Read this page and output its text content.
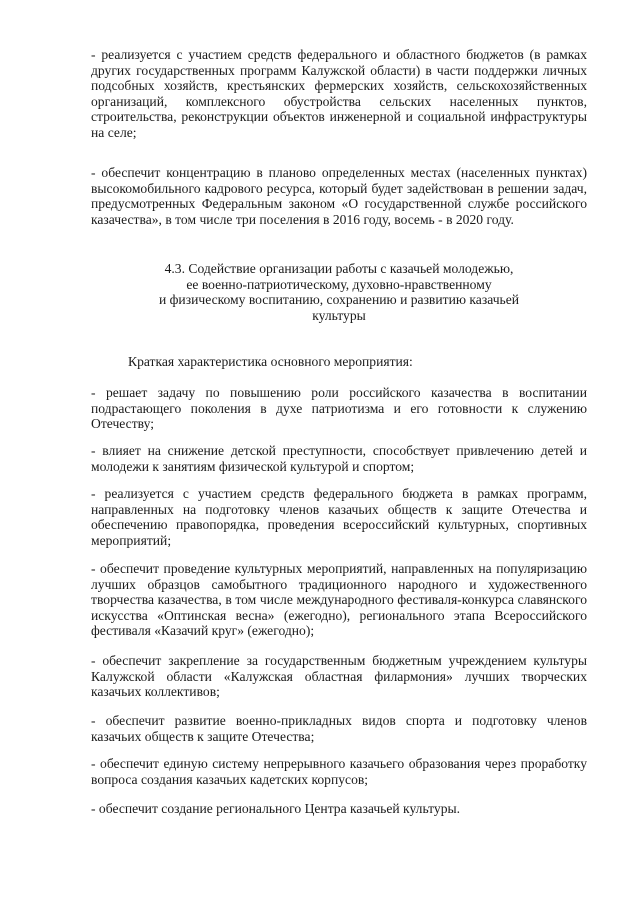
- реализуется с участием средств федерального и областного бюджетов (в рамках других государственных программ Калужской области) в части поддержки личных подсобных хозяйств, крестьянских фермерских хозяйств, сельскохозяйственных организаций, комплексного обустройства сельских населенных пунктов, строительства, реконструкции объектов инженерной и социальной инфраструктуры на селе;

- обеспечит концентрацию в планово определенных местах (населенных пунктах) высокомобильного кадрового ресурса, который будет задействован в решении задач, предусмотренных Федеральным законом «О государственной службе российского казачества», в том числе три поселения в 2016 году, восемь - в 2020 году.

4.3. Содействие организации работы с казачьей молодежью,
ее военно-патриотическому, духовно-нравственному
и физическому воспитанию, сохранению и развитию казачьей
культуры

Краткая характеристика основного мероприятия:

- решает задачу по повышению роли российского казачества в воспитании подрастающего поколения в духе патриотизма и его готовности к служению Отечеству;

- влияет на снижение детской преступности, способствует привлечению детей и молодежи к занятиям физической культурой и спортом;

- реализуется с участием средств федерального бюджета в рамках программ, направленных на подготовку членов казачьих обществ к защите Отечества и обеспечению правопорядка, проведения всероссийский культурных, спортивных мероприятий;

- обеспечит проведение культурных мероприятий, направленных на популяризацию лучших образцов самобытного традиционного народного и художественного творчества казачества, в том числе международного фестиваля-конкурса славянского искусства «Оптинская весна» (ежегодно), регионального этапа Всероссийского фестиваля «Казачий круг» (ежегодно);

- обеспечит закрепление за государственным бюджетным учреждением культуры Калужской области «Калужская областная филармония» лучших творческих казачьих коллективов;

- обеспечит развитие военно-прикладных видов спорта и подготовку членов казачьих обществ к защите Отечества;

- обеспечит единую систему непрерывного казачьего образования через проработку вопроса создания казачьих кадетских корпусов;

- обеспечит создание регионального Центра казачьей культуры.
